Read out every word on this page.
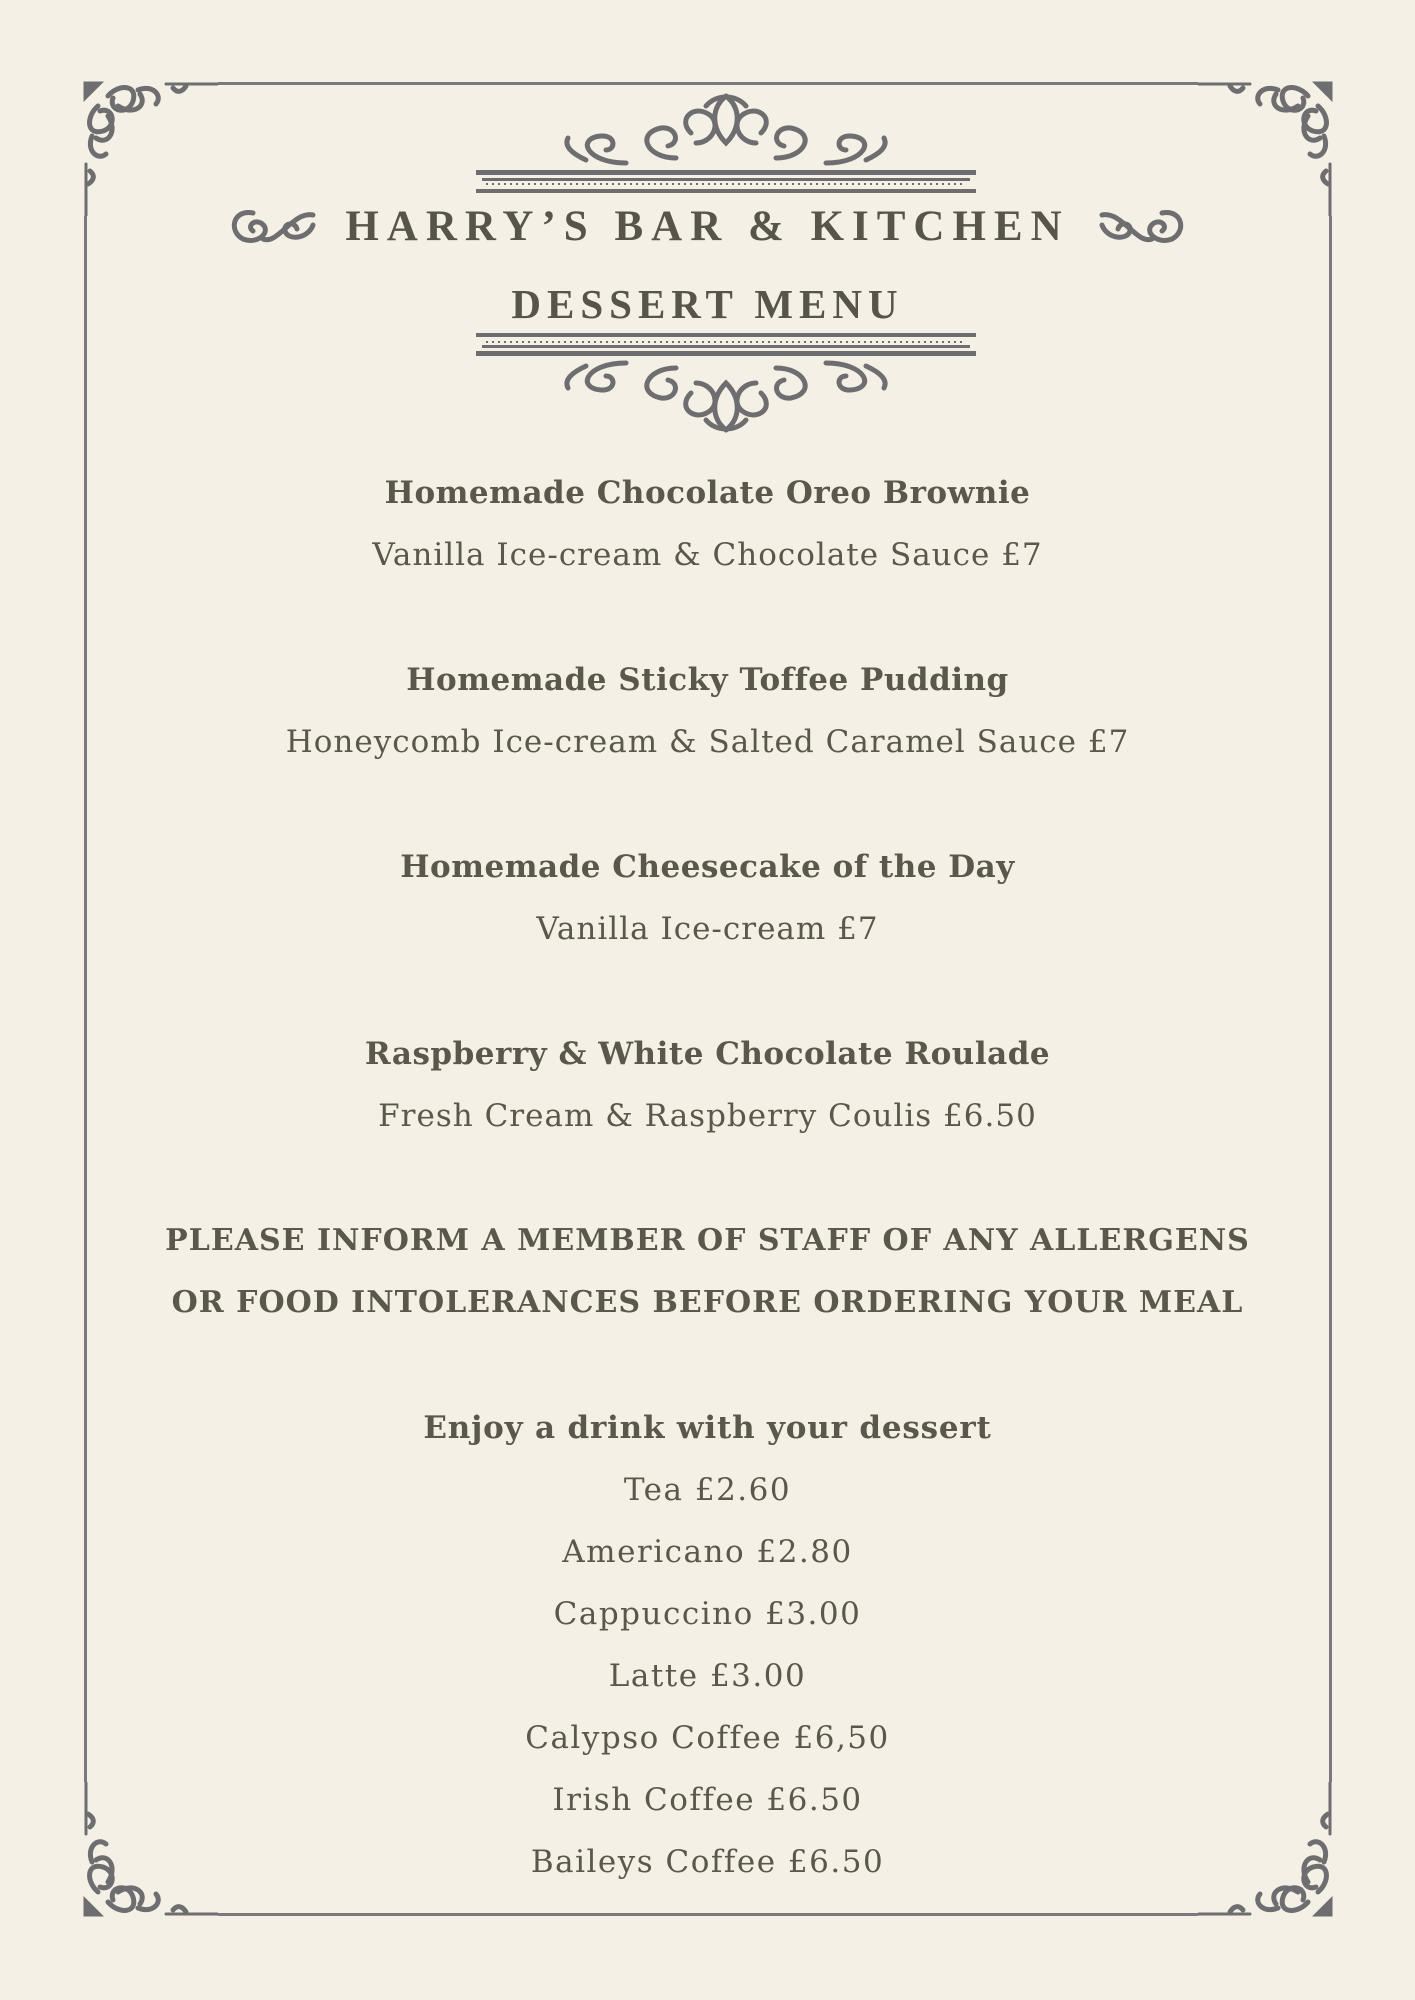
HARRY’S BAR & KITCHEN
DESSERT MENU
Homemade Chocolate Oreo Brownie
Vanilla Ice-cream & Chocolate Sauce £7
Homemade Sticky Toffee Pudding
Honeycomb Ice-cream & Salted Caramel Sauce £7
Homemade Cheesecake of the Day
Vanilla Ice-cream £7
Raspberry & White Chocolate Roulade
Fresh Cream & Raspberry Coulis £6.50
PLEASE INFORM A MEMBER OF STAFF OF ANY ALLERGENS
OR FOOD INTOLERANCES BEFORE ORDERING YOUR MEAL
Enjoy a drink with your dessert
Tea £2.60
Americano £2.80
Cappuccino £3.00
Latte £3.00
Calypso Coffee £6,50
Irish Coffee £6.50
Baileys Coffee £6.50
